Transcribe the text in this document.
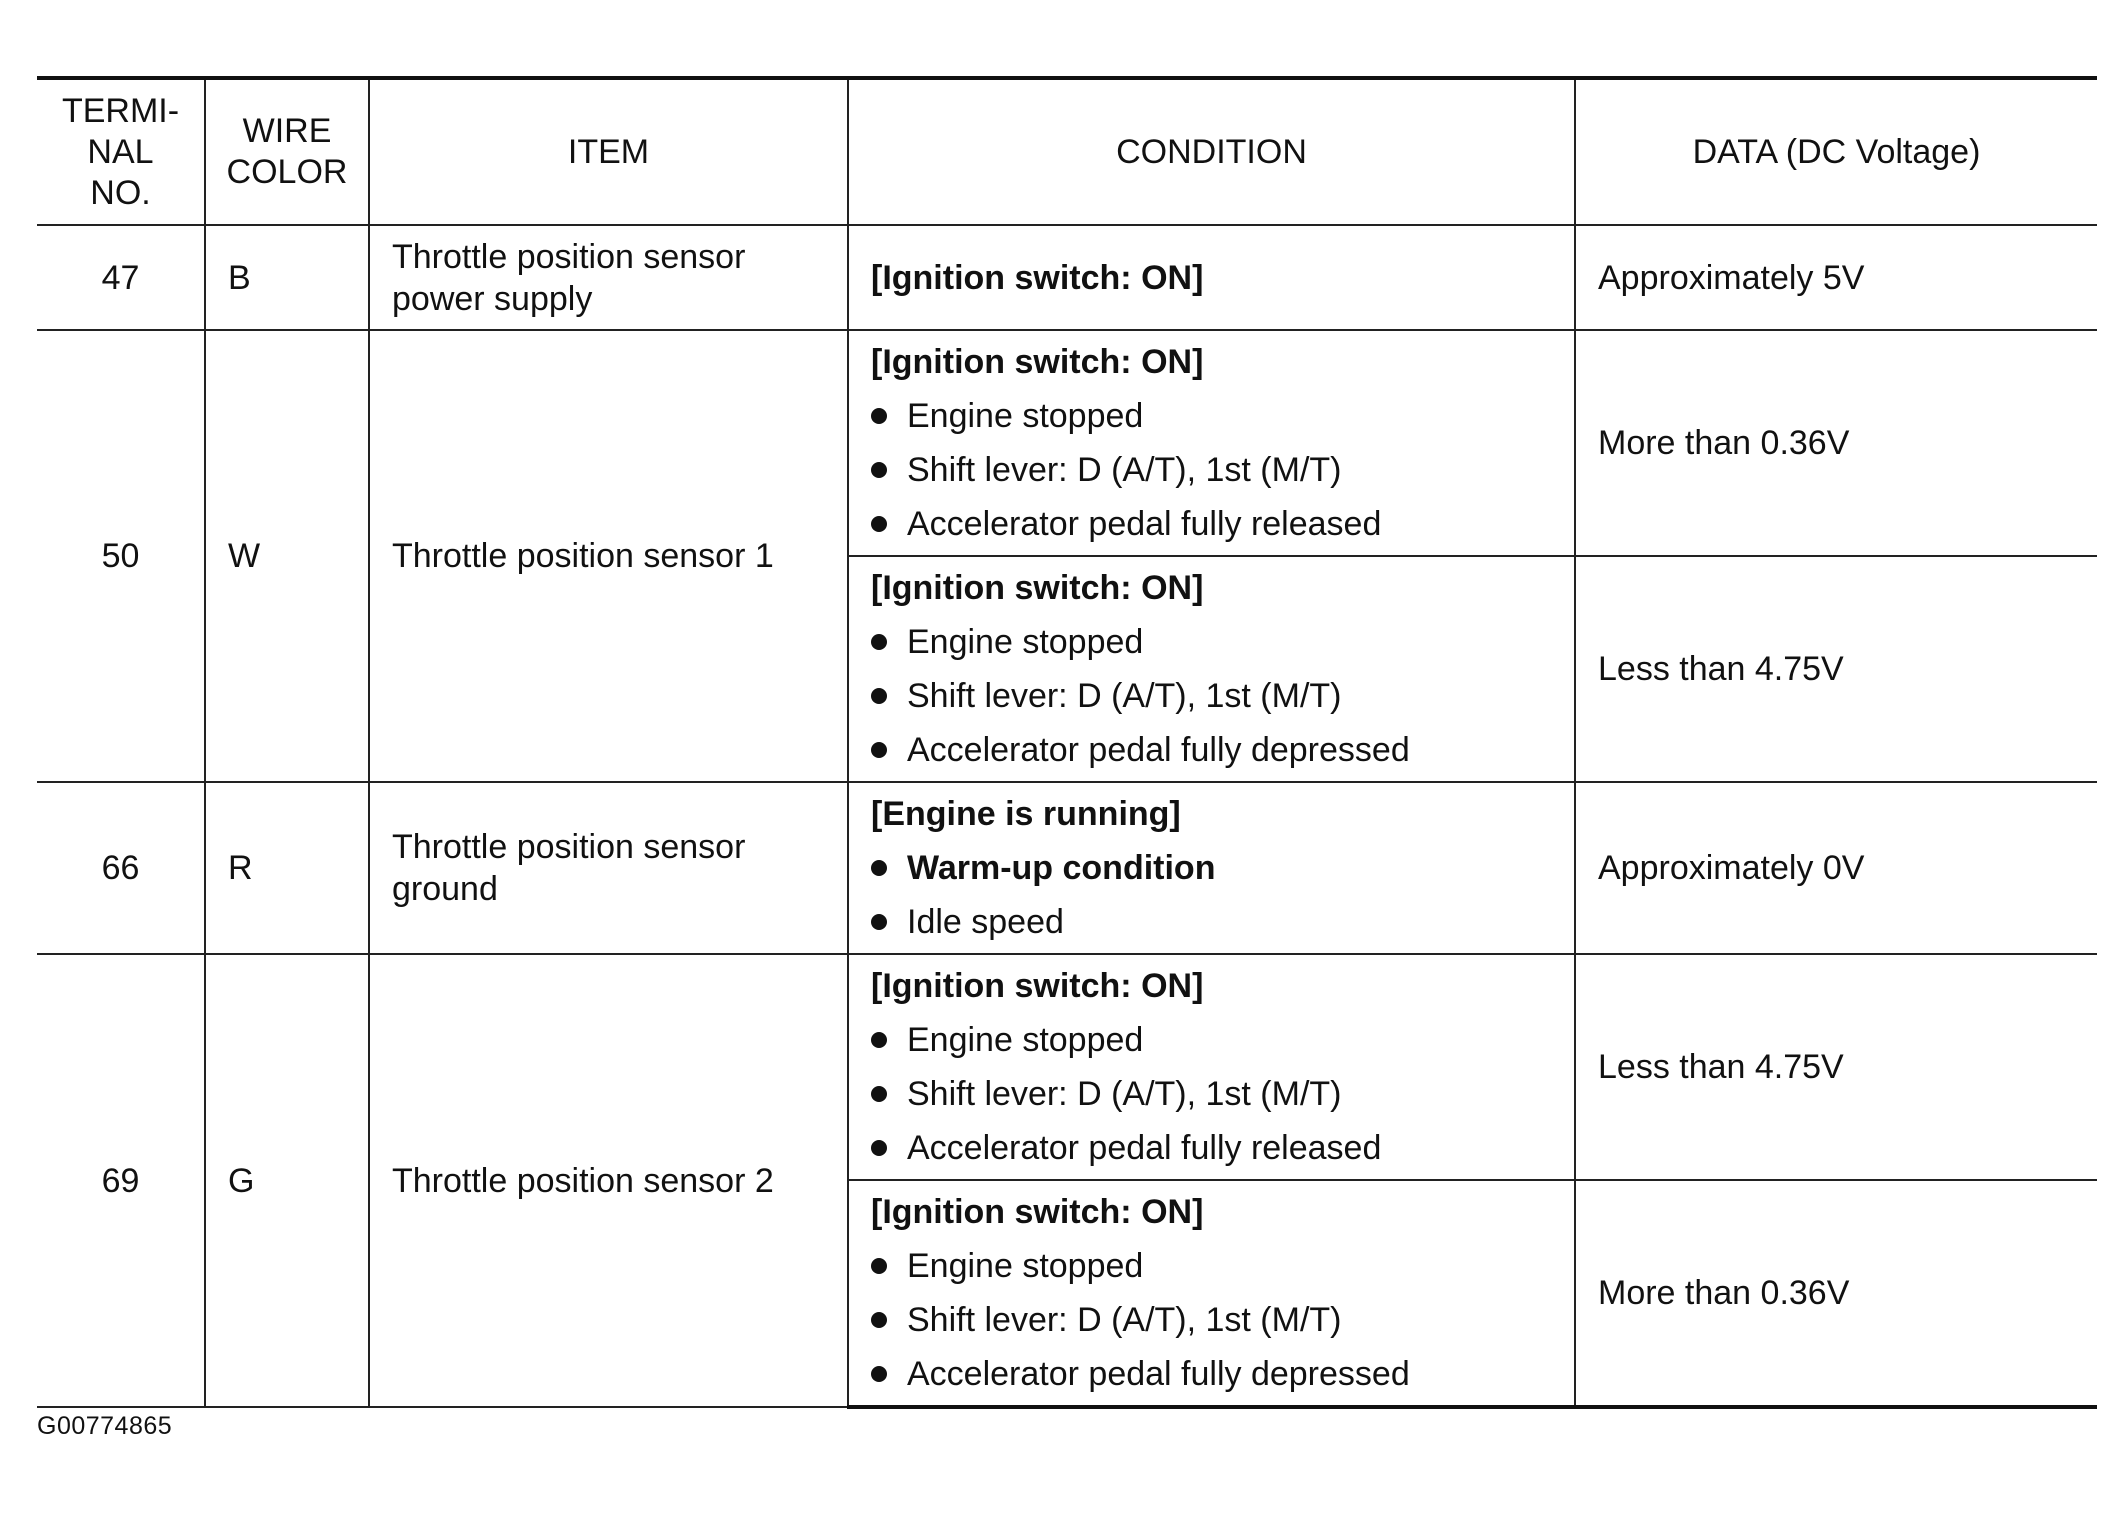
TERMI-
NAL
NO.	WIRE
COLOR	ITEM	CONDITION	DATA (DC Voltage)
47	B	Throttle position sensor power supply	[Ignition switch: ON]	Approximately 5V
50	W	Throttle position sensor 1	[Ignition switch: ON]
Engine stopped
Shift lever: D (A/T), 1st (M/T)
Accelerator pedal fully released	More than 0.36V

			[Ignition switch: ON]
Engine stopped
Shift lever: D (A/T), 1st (M/T)
Accelerator pedal fully depressed	Less than 4.75V
66	R	Throttle position sensor ground	[Engine is running]
Warm-up condition
Idle speed	Approximately 0V
69	G	Throttle position sensor 2	[Ignition switch: ON]
Engine stopped
Shift lever: D (A/T), 1st (M/T)
Accelerator pedal fully released	Less than 4.75V

			[Ignition switch: ON]
Engine stopped
Shift lever: D (A/T), 1st (M/T)
Accelerator pedal fully depressed	More than 0.36V
G00774865
